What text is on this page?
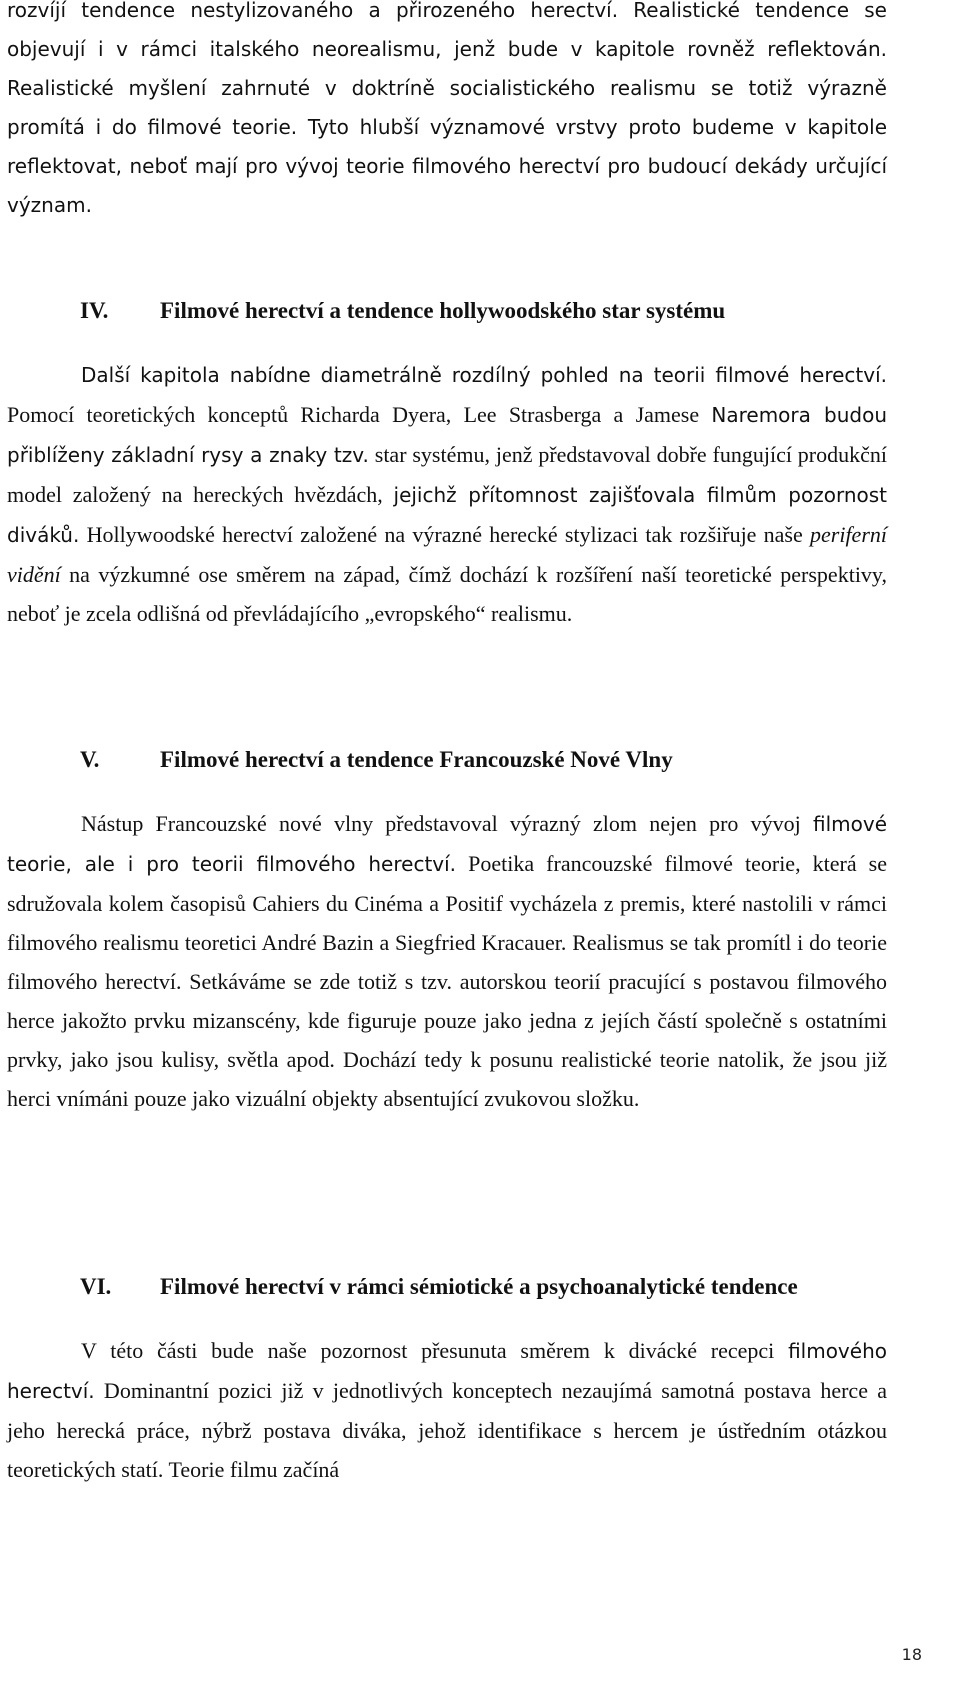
rozvíjí tendence nestylizovaného a přirozeného herectví. Realistické tendence se objevují i v rámci italského neorealismu, jenž bude v kapitole rovněž reflektován. Realistické myšlení zahrnuté v doktríně socialistického realismu se totiž výrazně promítá i do filmové teorie. Tyto hlubší významové vrstvy proto budeme v kapitole reflektovat, neboť mají pro vývoj teorie filmového herectví pro budoucí dekády určující význam.

IV. Filmové herectví a tendence hollywoodského star systému

Další kapitola nabídne diametrálně rozdílný pohled na teorii filmové herectví. Pomocí teoretických konceptů Richarda Dyera, Lee Strasberga a Jamese Naremora budou přiblíženy základní rysy a znaky tzv. star systému, jenž představoval dobře fungující produkční model založený na hereckých hvězdách, jejichž přítomnost zajišťovala filmům pozornost diváků. Hollywoodské herectví založené na výrazné herecké stylizaci tak rozšiřuje naše periferní vidění na výzkumné ose směrem na západ, čímž dochází k rozšíření naší teoretické perspektivy, neboť je zcela odlišná od převládajícího „evropského“ realismu.

V.	Filmové herectví a tendence Francouzské Nové Vlny

Nástup Francouzské nové vlny představoval výrazný zlom nejen pro vývoj filmové teorie, ale i pro teorii filmového herectví. Poetika francouzské filmové teorie, která se sdružovala kolem časopisů Cahiers du Cinéma a Positif vycházela z premis, které nastolili v rámci filmového realismu teoretici André Bazin a Siegfried Kracauer. Realismus se tak promítl i do teorie filmového herectví. Setkáváme se zde totiž s tzv. autorskou teorií pracující s postavou filmového herce jakožto prvku mizanscény, kde figuruje pouze jako jedna z jejích částí společně s ostatními prvky, jako jsou kulisy, světla apod. Dochází tedy k posunu realistické teorie natolik, že jsou již herci vnímáni pouze jako vizuální objekty absentující zvukovou složku.

VI. Filmové herectví v rámci sémiotické a psychoanalytické tendence

V této části bude naše pozornost přesunuta směrem k divácké recepci filmového herectví. Dominantní pozici již v jednotlivých konceptech nezaujímá samotná postava herce a jeho herecká práce, nýbrž postava diváka, jehož identifikace s hercem je ústředním otázkou teoretických statí. Teorie filmu začíná

18
